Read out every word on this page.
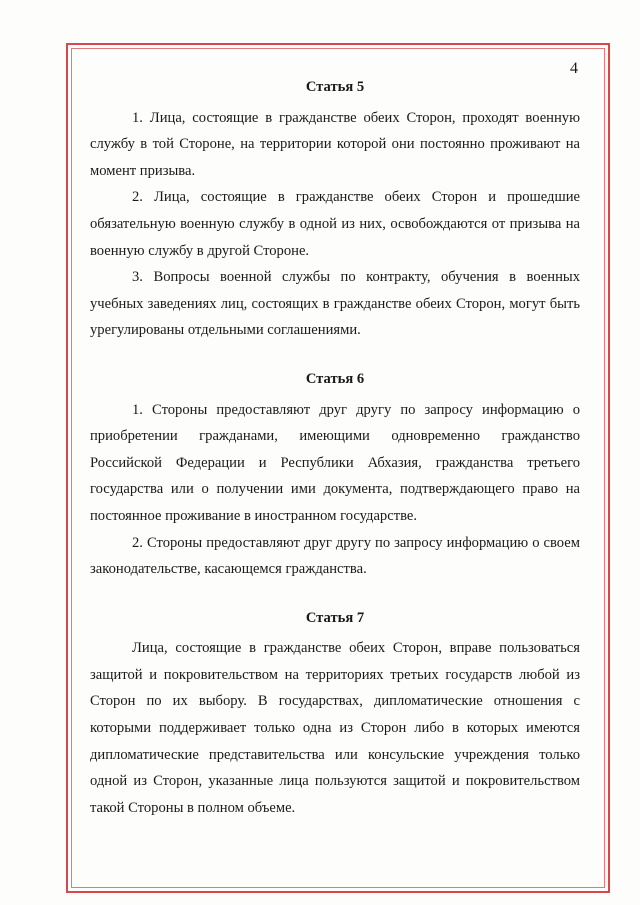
4
Статья 5

1. Лица, состоящие в гражданстве обеих Сторон, проходят военную службу в той Стороне, на территории которой они постоянно проживают на момент призыва.

2. Лица, состоящие в гражданстве обеих Сторон и прошедшие обязательную военную службу в одной из них, освобождаются от призыва на военную службу в другой Стороне.

3. Вопросы военной службы по контракту, обучения в военных учебных заведениях лиц, состоящих в гражданстве обеих Сторон, могут быть урегулированы отдельными соглашениями.

Статья 6

1. Стороны предоставляют друг другу по запросу информацию о приобретении гражданами, имеющими одновременно гражданство Российской Федерации и Республики Абхазия, гражданства третьего государства или о получении ими документа, подтверждающего право на постоянное проживание в иностранном государстве.

2. Стороны предоставляют друг другу по запросу информацию о своем законодательстве, касающемся гражданства.

Статья 7

Лица, состоящие в гражданстве обеих Сторон, вправе пользоваться защитой и покровительством на территориях третьих государств любой из Сторон по их выбору. В государствах, дипломатические отношения с которыми поддерживает только одна из Сторон либо в которых имеются дипломатические представительства или консульские учреждения только одной из Сторон, указанные лица пользуются защитой и покровительством такой Стороны в полном объеме.
